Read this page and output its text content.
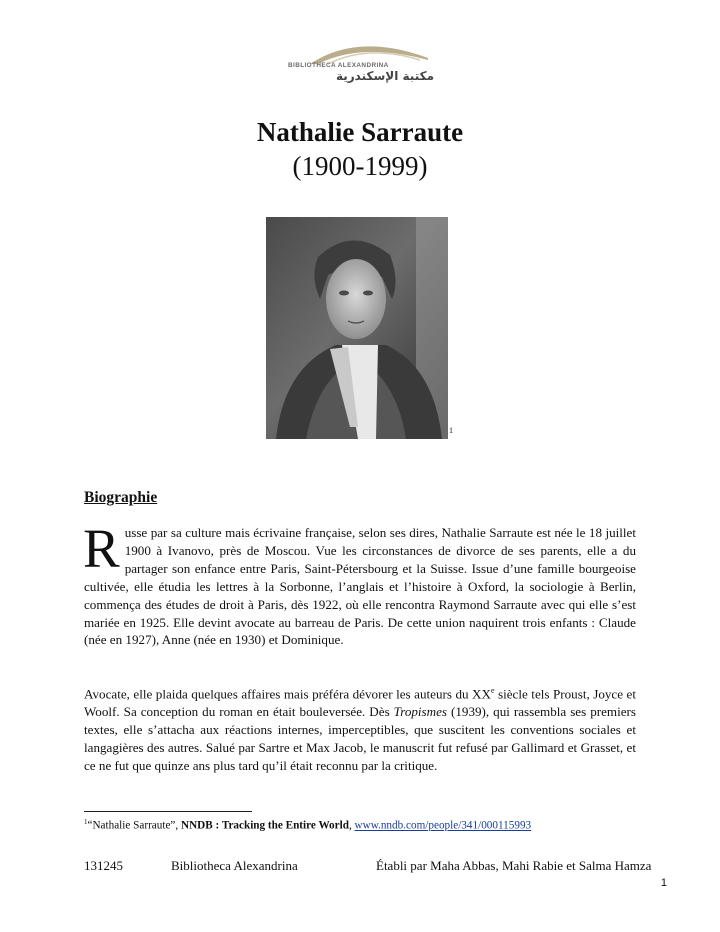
BIBLIOTHECA ALEXANDRINA
مكتبة الإسكندرية
Nathalie Sarraute
(1900-1999)
1
Biographie
Russe par sa culture mais écrivaine française, selon ses dires, Nathalie Sarraute est née le 18 juillet 1900 à Ivanovo, près de Moscou. Vue les circonstances de divorce de ses parents, elle a du partager son enfance entre Paris, Saint-Pétersbourg et la Suisse. Issue d’une famille bourgeoise cultivée, elle étudia les lettres à la Sorbonne, l’anglais et l’histoire à Oxford, la sociologie à Berlin, commença des études de droit à Paris, dès 1922, où elle rencontra Raymond Sarraute avec qui elle s’est mariée en 1925. Elle devint avocate au barreau de Paris. De cette union naquirent trois enfants : Claude (née en 1927), Anne (née en 1930) et Dominique.
Avocate, elle plaida quelques affaires mais préféra dévorer les auteurs du XXe siècle tels Proust, Joyce et Woolf. Sa conception du roman en était bouleversée. Dès Tropismes (1939), qui rassembla ses premiers textes, elle s’attacha aux réactions internes, imperceptibles, que suscitent les conventions sociales et langagières des autres. Salué par Sartre et Max Jacob, le manuscrit fut refusé par Gallimard et Grasset, et ce ne fut que quinze ans plus tard qu’il était reconnu par la critique.
$^1$“Nathalie Sarraute”, NNDB : Tracking the Entire World, www.nndb.com/people/341/000115993
131245	Bibliotheca Alexandrina	Établi par Maha Abbas, Mahi Rabie et Salma Hamza
1
